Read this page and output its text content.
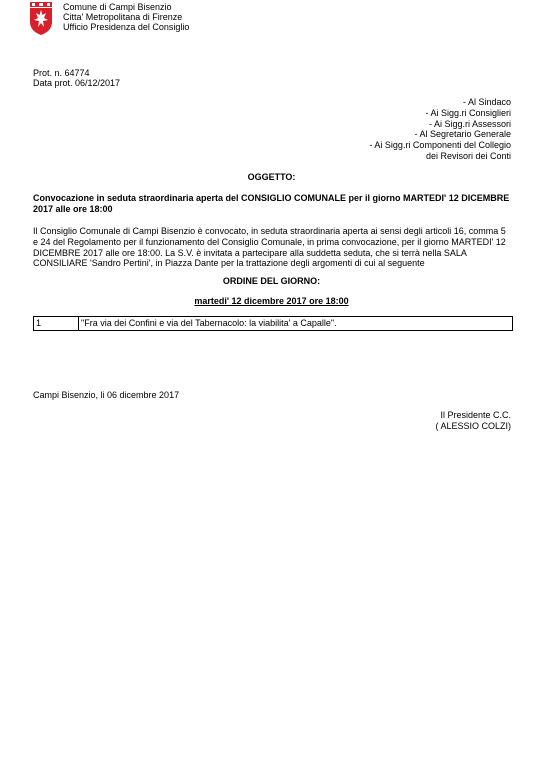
Comune di Campi Bisenzio
Citta' Metropolitana di Firenze
Ufficio Presidenza del Consiglio
Prot. n. 64774
Data prot. 06/12/2017
- Al Sindaco
- Ai Sigg.ri Consiglieri
- Ai Sigg.ri Assessori
- Al Segretario Generale
- Ai Sigg.ri Componenti del Collegio
dei Revisori dei Conti
OGGETTO:
Convocazione in seduta straordinaria aperta del CONSIGLIO COMUNALE per il giorno MARTEDI' 12 DICEMBRE 2017 alle ore 18:00
Il Consiglio Comunale di Campi Bisenzio è convocato, in seduta straordinaria aperta ai sensi degli articoli 16, comma 5 e 24 del Regolamento per il funzionamento del Consiglio Comunale, in prima convocazione, per il giorno MARTEDI' 12 DICEMBRE 2017 alle ore 18:00. La S.V. è invitata a partecipare alla suddetta seduta, che si terrà nella SALA CONSILIARE 'Sandro Pertini', in Piazza Dante per la trattazione degli argomenti di cui al seguente
ORDINE DEL GIORNO:
martedi' 12 dicembre 2017 ore 18:00
1	"Fra via dei Confini e via del Tabernacolo: la viabilita' a Capalle".
Campi Bisenzio, li 06 dicembre 2017
Il Presidente C.C.
( ALESSIO COLZI)
